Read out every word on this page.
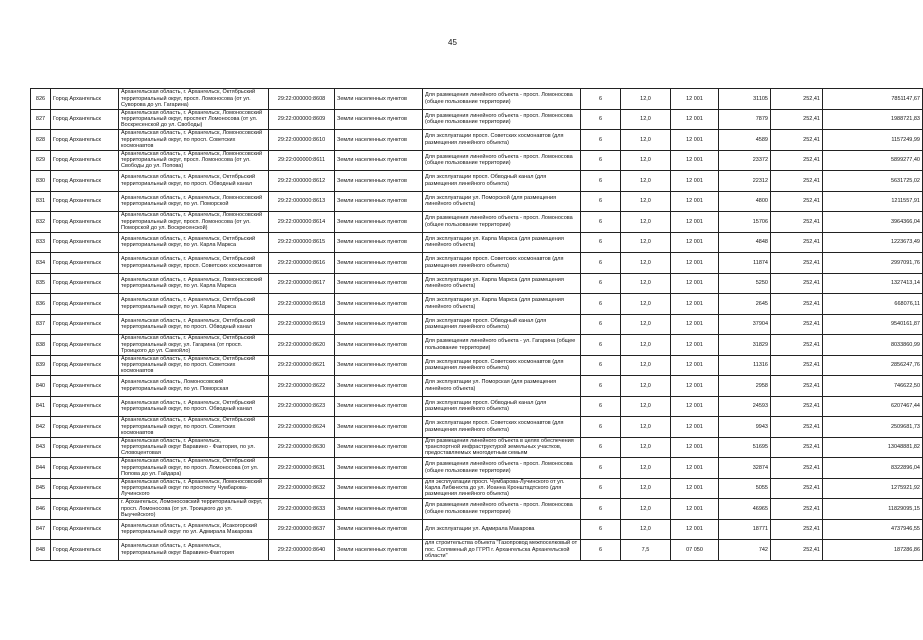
45
826	Город Архангельск	Архангельская область, г. Архангельск, Октябрьский территориальный округ, просп. Ломоносова (от ул. Суворова до ул. Гагарина)	29:22:000000:8608	Земли населенных пунктов	Для размещения линейного объекта - просп. Ломоносова (общее пользование территории)	6	12,0	12 001	31105	252,41	7851147,67
827	Город Архангельск	Архангельская область, г. Архангельск, Ломоносовский территориальный округ, проспект Ломоносова (от ул. Воскресенской до ул. Свободы)	29:22:000000:8609	Земли населенных пунктов	Для размещения линейного объекта - просп. Ломоносова (общее пользование территории)	6	12,0	12 001	7879	252,41	1988721,83
828	Город Архангельск	Архангельская область, г. Архангельск, Ломоносовский территориальный округ, по просп. Советских космонавтов	29:22:000000:8610	Земли населенных пунктов	Для эксплуатации просп. Советских космонавтов (для размещения линейного объекта)	6	12,0	12 001	4589	252,41	1157249,99
829	Город Архангельск	Архангельская область, г. Архангельск, Ломоносовский территориальный округ, просп. Ломоносова (от ул. Свободы до ул. Попова)	29:22:000000:8611	Земли населенных пунктов	Для размещения линейного объекта - просп. Ломоносова (общее пользование территории)	6	12,0	12 001	23372	252,41	5899277,40
830	Город Архангельск	Архангельская область, г. Архангельск, Октябрьский территориальный округ, по просп. Обводный канал	29:22:000000:8612	Земли населенных пунктов	Для эксплуатации просп. Обводный канал (для размещения линейного объекта)	6	12,0	12 001	22312	252,41	5631725,02
831	Город Архангельск	Архангельская область, г. Архангельск, Ломоносовский территориальный округ, по ул. Поморской	29:22:000000:8613	Земли населенных пунктов	Для эксплуатации ул. Поморской (для размещения линейного объекта)	6	12,0	12 001	4800	252,41	1211557,91
832	Город Архангельск	Архангельская область, г. Архангельск, Ломоносовский территориальный округ, просп. Ломоносова (от ул. Поморской до ул. Воскресенской)	29:22:000000:8614	Земли населенных пунктов	Для размещения линейного объекта - просп. Ломоносова (общее пользование территории)	6	12,0	12 001	15706	252,41	3964366,04
833	Город Архангельск	Архангельская область, г. Архангельск, Октябрьский территориальный округ, по ул. Карла Маркса	29:22:000000:8615	Земли населенных пунктов	Для эксплуатации ул. Карла Маркса (для размещения линейного объекта)	6	12,0	12 001	4848	252,41	1223673,49
834	Город Архангельск	Архангельская область, г. Архангельск, Октябрьский территориальный округ, просп. Советских космонавтов	29:22:000000:8616	Земли населенных пунктов	Для эксплуатации просп. Советских космонавтов (для размещения линейного объекта)	6	12,0	12 001	11874	252,41	2997091,76
835	Город Архангельск	Архангельская область, г. Архангельск, Ломоносовский территориальный округ, по ул. Карла Маркса	29:22:000000:8617	Земли населенных пунктов	Для эксплуатации ул. Карла Маркса (для размещения линейного объекта)	6	12,0	12 001	5250	252,41	1327413,14
836	Город Архангельск	Архангельская область, г. Архангельск, Октябрьский территориальный округ, по ул. Карла Маркса	29:22:000000:8618	Земли населенных пунктов	Для эксплуатации ул. Карла Маркса (для размещения линейного объекта)	6	12,0	12 001	2645	252,41	668076,11
837	Город Архангельск	Архангельская область, г. Архангельск, Октябрьский территориальный округ, по просп. Обводный канал	29:22:000000:8619	Земли населенных пунктов	Для эксплуатации просп. Обводный канал (для размещения линейного объекта)	6	12,0	12 001	37904	252,41	9540161,87
838	Город Архангельск	Архангельская область, г. Архангельск, Октябрьский территориальный округ, ул. Гагарина (от просп. Троицкого до ул. Самойло)	29:22:000000:8620	Земли населенных пунктов	Для размещения линейного объекта - ул. Гагарина (общее пользование территории)	6	12,0	12 001	31829	252,41	8033860,99
839	Город Архангельск	Архангельская область, г. Архангельск, Октябрьский территориальный округ, по просп. Советских космонавтов	29:22:000000:8621	Земли населенных пунктов	Для эксплуатации просп. Советских космонавтов (для размещения линейного объекта)	6	12,0	12 001	11316	252,41	2856247,76
840	Город Архангельск	Архангельская область, Ломоносовский территориальный округ, по ул. Поморская	29:22:000000:8622	Земли населенных пунктов	Для эксплуатации ул. Поморская (для размещения линейного объекта)	6	12,0	12 001	2958	252,41	746622,50
841	Город Архангельск	Архангельская область, г. Архангельск, Октябрьский территориальный округ, по просп. Обводный канал	29:22:000000:8623	Земли населенных пунктов	Для эксплуатации просп. Обводный канал (для размещения линейного объекта)	6	12,0	12 001	24593	252,41	6207467,44
842	Город Архангельск	Архангельская область, г. Архангельск, Октябрьский территориальный округ, по просп. Советских космонавтов	29:22:000000:8624	Земли населенных пунктов	Для эксплуатации просп. Советских космонавтов (для размещения линейного объекта)	6	12,0	12 001	9943	252,41	2509681,73
843	Город Архангельск	Архангельская область, г. Архангельск, территориальный округ Варавино - Фактория, по ул. Словоцентовая	29:22:000000:8630	Земли населенных пунктов	Для размещения линейного объекта в целях обеспечения транспортной инфраструктурой земельных участков, предоставляемых многодетным семьям	6	12,0	12 001	51695	252,41	13048881,82
844	Город Архангельск	Архангельская область, г. Архангельск, Октябрьский территориальный округ, по просп. Ломоносова (от ул. Попова до ул. Гайдара)	29:22:000000:8631	Земли населенных пунктов	Для размещения линейного объекта - просп. Ломоносова (общее пользование территории)	6	12,0	12 001	32874	252,41	8322896,04
845	Город Архангельск	Архангельская область, г. Архангельск, Ломоносовский территориальный округ по проспекту Чумбарова-Лучинского	29:22:000000:8632	Земли населенных пунктов	для эксплуатации просп. Чумбарова-Лучинского от ул. Карла Либкнехта до ул. Иоанна Кронштадтского (для размещения линейного объекта)	6	12,0	12 001	5055	252,41	1275921,92
846	Город Архангельск	г. Архангельск, Ломоносовский территориальный округ, просп. Ломоносова (от ул. Троицкого до ул. Выучейского)	29:22:000000:8633	Земли населенных пунктов	Для размещения линейного объекта - просп. Ломоносова (общее пользование территории)	6	12,0	12 001	46965	252,41	11829095,15
847	Город Архангельск	Архангельская область, г. Архангельск, Исакогорский территориальный округ по ул. Адмирала Макарова	29:22:000000:8637	Земли населенных пунктов	Для эксплуатации ул. Адмирала Макарова	6	12,0	12 001	18771	252,41	4737946,55
848	Город Архангельск	Архангельская область, г. Архангельск, территориальный округ Варавино-Фактория	29:22:000000:8640	Земли населенных пунктов	для строительства объекта "Газопровод межпоселковый от пос. Соляменый до ГГРП г. Архангельска Архангельской области"	6	7,5	07 050	742	252,41	187286,86
